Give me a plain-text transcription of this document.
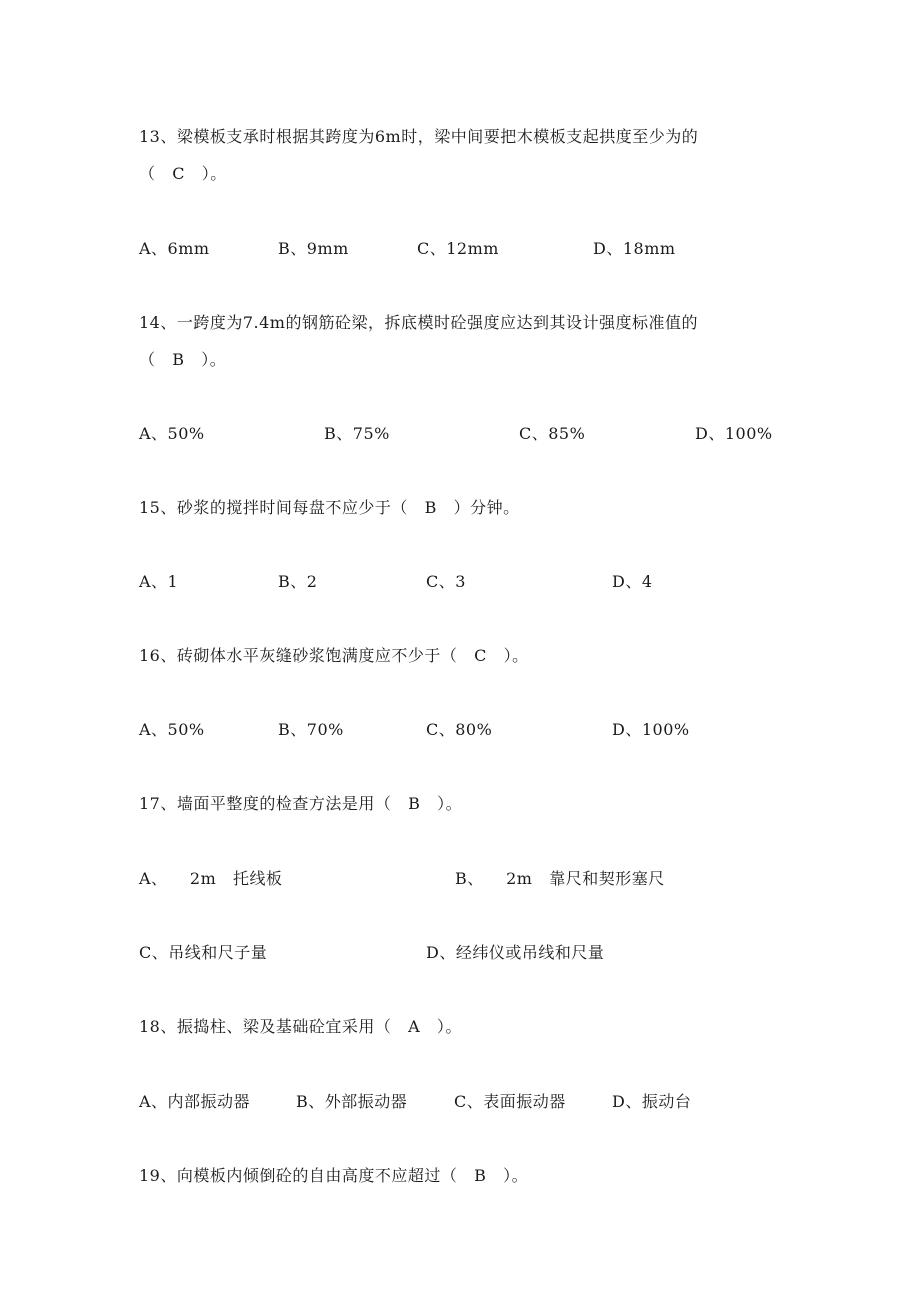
13、梁模板支承时根据其跨度为6m时，梁中间要把木模板支起拱度至少为的
（   C   ）。
A、6mm	B、9mm	C、12mm	D、18mm
14、一跨度为7.4m的钢筋砼梁，拆底模时砼强度应达到其设计强度标准值的
（   B   ）。
A、50%	B、75%	C、85%	D、100%
15、砂浆的搅拌时间每盘不应少于（   B   ）分钟。
A、1	B、2	C、3	D、4
16、砖砌体水平灰缝砂浆饱满度应不少于（   C   ）。
A、50%	B、70%	C、80%	D、100%
17、墙面平整度的检查方法是用（   B   ）。
A、    2m   托线板	B、    2m   靠尺和契形塞尺
C、吊线和尺子量	D、经纬仪或吊线和尺量
18、振捣柱、梁及基础砼宜采用（   A   ）。
A、内部振动器	B、外部振动器	C、表面振动器	D、振动台
19、向模板内倾倒砼的自由高度不应超过（   B   ）。
